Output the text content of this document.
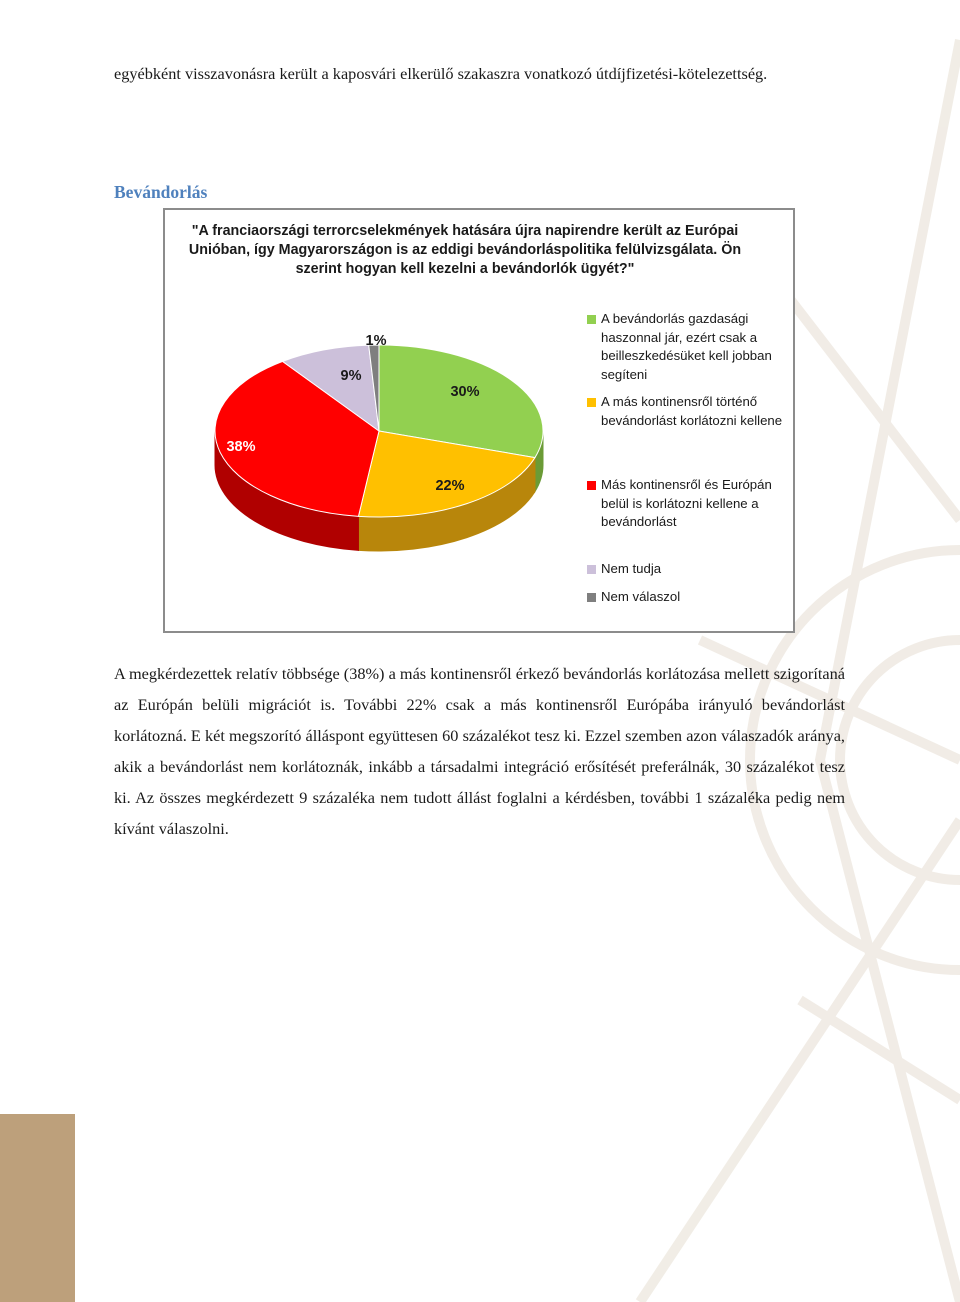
egyébként visszavonásra került a kaposvári elkerülő szakaszra vonatkozó útdíjfizetési-kötelezettség.

Bevándorlás
"A franciaországi terrorcselekmények hatására újra napirendre került az Európai Unióban, így Magyarországon is az eddigi bevándorláspolitika felülvizsgálata. Ön szerint hogyan kell kezelni a bevándorlók ügyét?"
30%
22%
38%
9%
1%
A bevándorlás gazdasági haszonnal jár, ezért csak a beilleszkedésüket kell jobban segíteni
A más kontinensről történő bevándorlást korlátozni kellene
Más kontinensről és Európán belül is korlátozni kellene a bevándorlást
Nem tudja
Nem válaszol

A megkérdezettek relatív többsége (38%) a más kontinensről érkező bevándorlás korlátozása mellett szigorítaná az Európán belüli migrációt is. További 22% csak a más kontinensről Európába irányuló bevándorlást korlátozná. E két megszorító álláspont együttesen 60 százalékot tesz ki. Ezzel szemben azon válaszadók aránya, akik a bevándorlást nem korlátoznák, inkább a társadalmi integráció erősítését preferálnák, 30 százalékot tesz ki. Az összes megkérdezett 9 százaléka nem tudott állást foglalni a kérdésben, további 1 százaléka pedig nem kívánt válaszolni.
